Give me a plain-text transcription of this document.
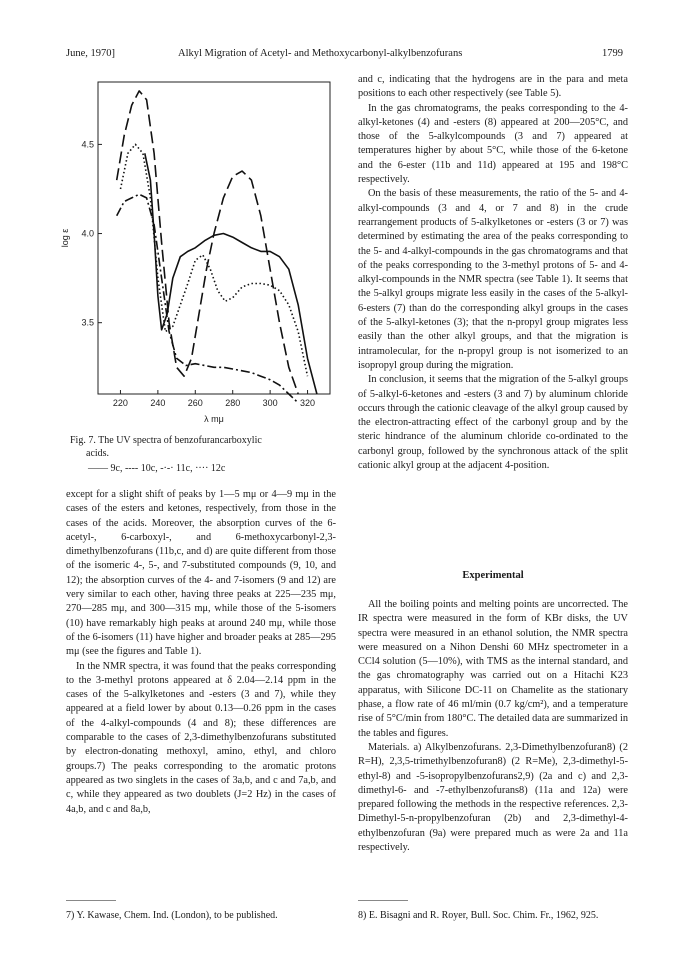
June, 1970]	Alkyl Migration of Acetyl- and Methoxycarbonyl-alkylbenzofurans	1799
220 240 260 280 300 320
3.5
4.0
4.5
λ mμ
log ε
Fig. 7. The UV spectra of benzofurancarboxylic
acids.
—— 9c, ---- 10c, -·-· 11c, ···· 12c

except for a slight shift of peaks by 1—5 mμ or 4—9 mμ in the cases of the esters and ketones, respectively, from those in the cases of the acids. Moreover, the absorption curves of the 6-acetyl-, 6-carboxyl-, and 6-methoxycarbonyl-2,3-dimethylbenzofurans (11b,c, and d) are quite different from those of the isomeric 4-, 5-, and 7-substituted compounds (9, 10, and 12); the absorption curves of the 4- and 7-isomers (9 and 12) are very similar to each other, having three peaks at 225—235 mμ, 270—285 mμ, and 300—315 mμ, while those of the 5-isomers (10) have remarkably high peaks at around 240 mμ, while those of the 6-isomers (11) have higher and broader peaks at 285—295 mμ (see the figures and Table 1).

In the NMR spectra, it was found that the peaks corresponding to the 3-methyl protons appeared at δ 2.04—2.14 ppm in the cases of the 5-alkylketones and -esters (3 and 7), while they appeared at a field lower by about 0.13—0.26 ppm in the cases of the 4-alkyl-compounds (4 and 8); these differences are comparable to the cases of 2,3-dimethylbenzofurans substituted by electron-donating methoxyl, amino, ethyl, and chloro groups.7) The peaks corresponding to the aromatic protons appeared as two singlets in the cases of 3a,b, and c and 7a,b, and c, while they appeared as two doublets (J=2 Hz) in the cases of 4a,b, and c and 8a,b,

and c, indicating that the hydrogens are in the para and meta positions to each other respectively (see Table 5).

In the gas chromatograms, the peaks corresponding to the 4-alkyl-ketones (4) and -esters (8) appeared at 200—205°C, and those of the 5-alkylcompounds (3 and 7) appeared at temperatures higher by about 5°C, while those of the 6-ketone and the 6-ester (11b and 11d) appeared at 195 and 198°C respectively.

On the basis of these measurements, the ratio of the 5- and 4-alkyl-compounds (3 and 4, or 7 and 8) in the crude rearrangement products of 5-alkylketones or -esters (3 or 7) was determined by estimating the area of the peaks corresponding to the 5- and 4-alkyl-compounds in the gas chromatograms and that of the peaks corresponding to the 3-methyl protons of 5- and 4-alkyl-compounds in the NMR spectra (see Table 1). It seems that the 5-alkyl groups migrate less easily in the cases of the 5-alkyl-6-esters (7) than do the corresponding alkyl groups in the cases of the 5-alkyl-ketones (3); that the n-propyl group migrates less easily than the other alkyl groups, and that the migration is intramolecular, for the n-propyl group is not isomerized to an isopropyl group during the migration.

In conclusion, it seems that the migration of the 5-alkyl groups of 5-alkyl-6-ketones and -esters (3 and 7) by aluminum chloride occurs through the cationic cleavage of the alkyl group caused by the electron-attracting effect of the carbonyl group and by the steric hindrance of the aluminum chloride co-ordinated to the carbonyl group, followed by the synchronous attack of the split cationic alkyl group at the adjacent 4-position.

Experimental

All the boiling points and melting points are uncorrected. The IR spectra were measured in the form of KBr disks, the UV spectra were measured in an ethanol solution, the NMR spectra were measured on a Nihon Denshi 60 MHz spectrometer in a CCl4 solution (5—10%), with TMS as the internal standard, and the gas chromatography was carried out on a Hitachi K23 apparatus, with Silicone DC-11 on Chamelite as the stationary phase, a flow rate of 46 ml/min (0.7 kg/cm²), and a temperature rise of 5°C/min from 180°C. The detailed data are summarized in the tables and figures.

Materials. a) Alkylbenzofurans. 2,3-Dimethylbenzofuran8) (2 R=H), 2,3,5-trimethylbenzofuran8) (2 R=Me), 2,3-dimethyl-5-ethyl-8) and -5-isopropylbenzofurans2,9) (2a and c) and 2,3-dimethyl-6- and -7-ethylbenzofurans8) (11a and 12a) were prepared following the methods in the respective references. 2,3-Dimethyl-5-n-propylbenzofuran (2b) and 2,3-dimethyl-4-ethylbenzofuran (9a) were prepared much as were 2a and 11a respectively.

7) Y. Kawase, Chem. Ind. (London), to be published.	8) E. Bisagni and R. Royer, Bull. Soc. Chim. Fr., 1962, 925.
